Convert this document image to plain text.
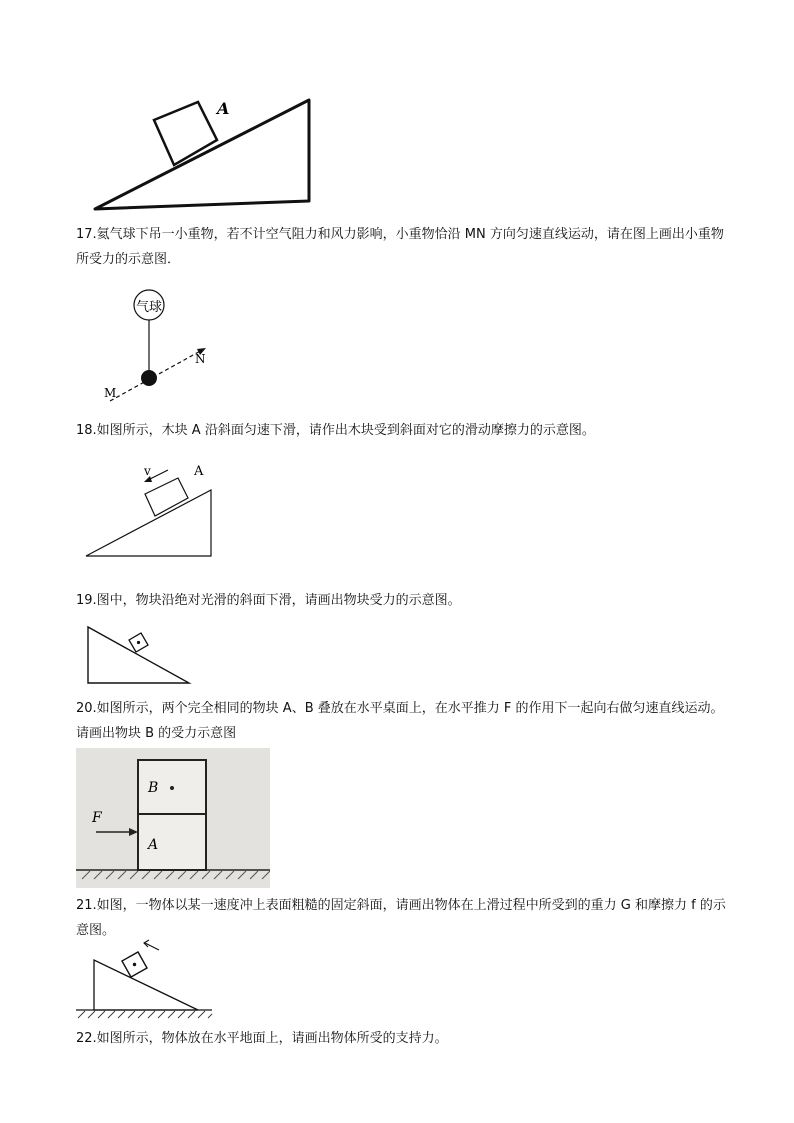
A
17.氦气球下吊一小重物，若不计空气阻力和风力影响，小重物恰沿 MN 方向匀速直线运动，请在图上画出小重物所受力的示意图．
气球
M
N
18.如图所示，木块 A 沿斜面匀速下滑，请作出木块受到斜面对它的滑动摩擦力的示意图。
v	A
19.图中，物块沿绝对光滑的斜面下滑，请画出物块受力的示意图。
20.如图所示，两个完全相同的物块 A、B 叠放在水平桌面上，在水平推力 F 的作用下一起向右做匀速直线运动。请画出物块 B 的受力示意图
B
A
F
21.如图，一物体以某一速度冲上表面粗糙的固定斜面，请画出物体在上滑过程中所受到的重力 G 和摩擦力 f 的示意图。
22.如图所示，物体放在水平地面上，请画出物体所受的支持力。
